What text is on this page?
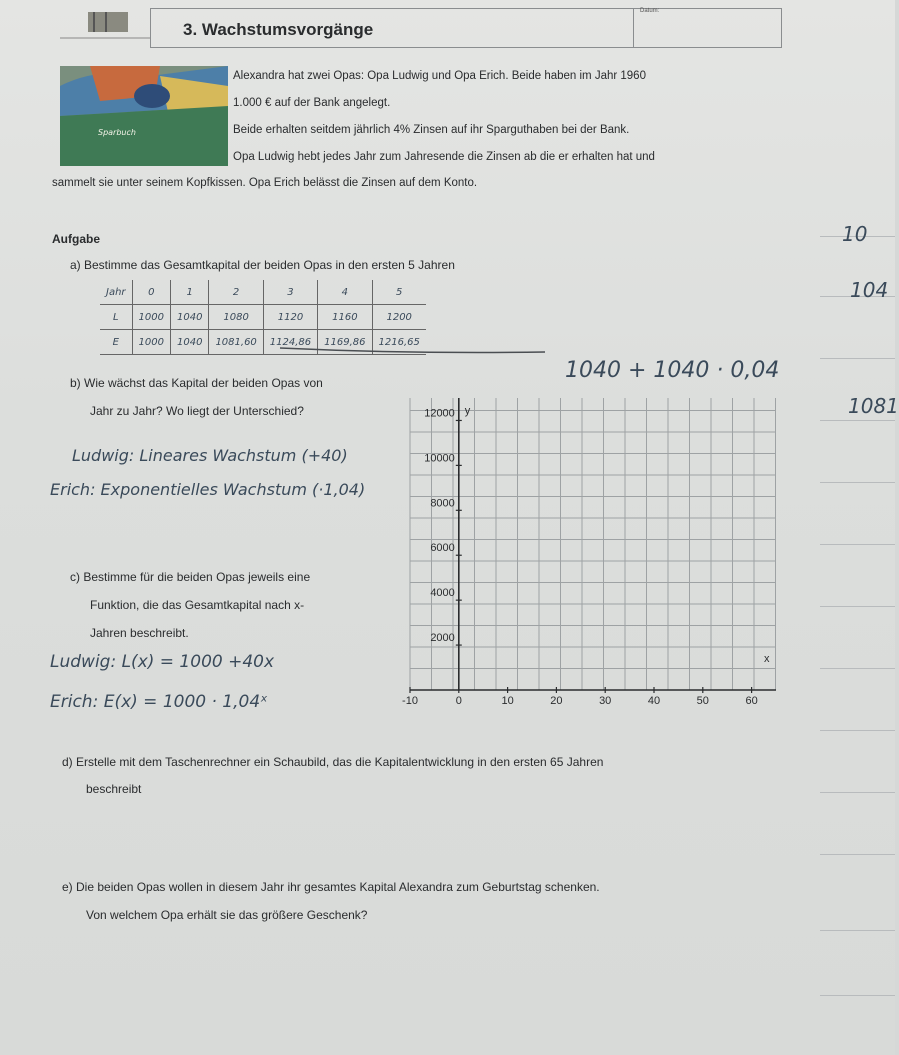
3. Wachstumsvorgänge
Datum:
Sparbuch
Alexandra hat zwei Opas: Opa Ludwig und Opa Erich. Beide haben im Jahr 1960
1.000 € auf der Bank angelegt.
Beide erhalten seitdem jährlich 4% Zinsen auf ihr Sparguthaben bei der Bank.
Opa Ludwig hebt jedes Jahr zum Jahresende die Zinsen ab die er erhalten hat und
sammelt sie unter seinem Kopfkissen. Opa Erich belässt die Zinsen auf dem Konto.
Aufgabe
a) Bestimme das Gesamtkapital der beiden Opas in den ersten 5 Jahren
Jahr	0	1	2	3	4	5
L	1000	1040	1080	1120	1160	1200
E	1000	1040	1081,60	1124,86	1169,86	1216,65
10
104
1081
1040 + 1040 · 0,04
b) Wie wächst das Kapital der beiden Opas von
Jahr zu Jahr? Wo liegt der Unterschied?
Ludwig: Lineares Wachstum (+40)
Erich: Exponentielles Wachstum (·1,04)
c) Bestimme für die beiden Opas jeweils eine
Funktion, die das Gesamtkapital nach x-
Jahren beschreibt.
Ludwig: L(x) = 1000 +40x
Erich: E(x) = 1000 · 1,04ˣ
y
x
2000
4000
6000
8000
10000
12000
-10	0	10	20	30	40	50	60
d) Erstelle mit dem Taschenrechner ein Schaubild, das die Kapitalentwicklung in den ersten 65 Jahren
beschreibt
e) Die beiden Opas wollen in diesem Jahr ihr gesamtes Kapital Alexandra zum Geburtstag schenken.
Von welchem Opa erhält sie das größere Geschenk?
